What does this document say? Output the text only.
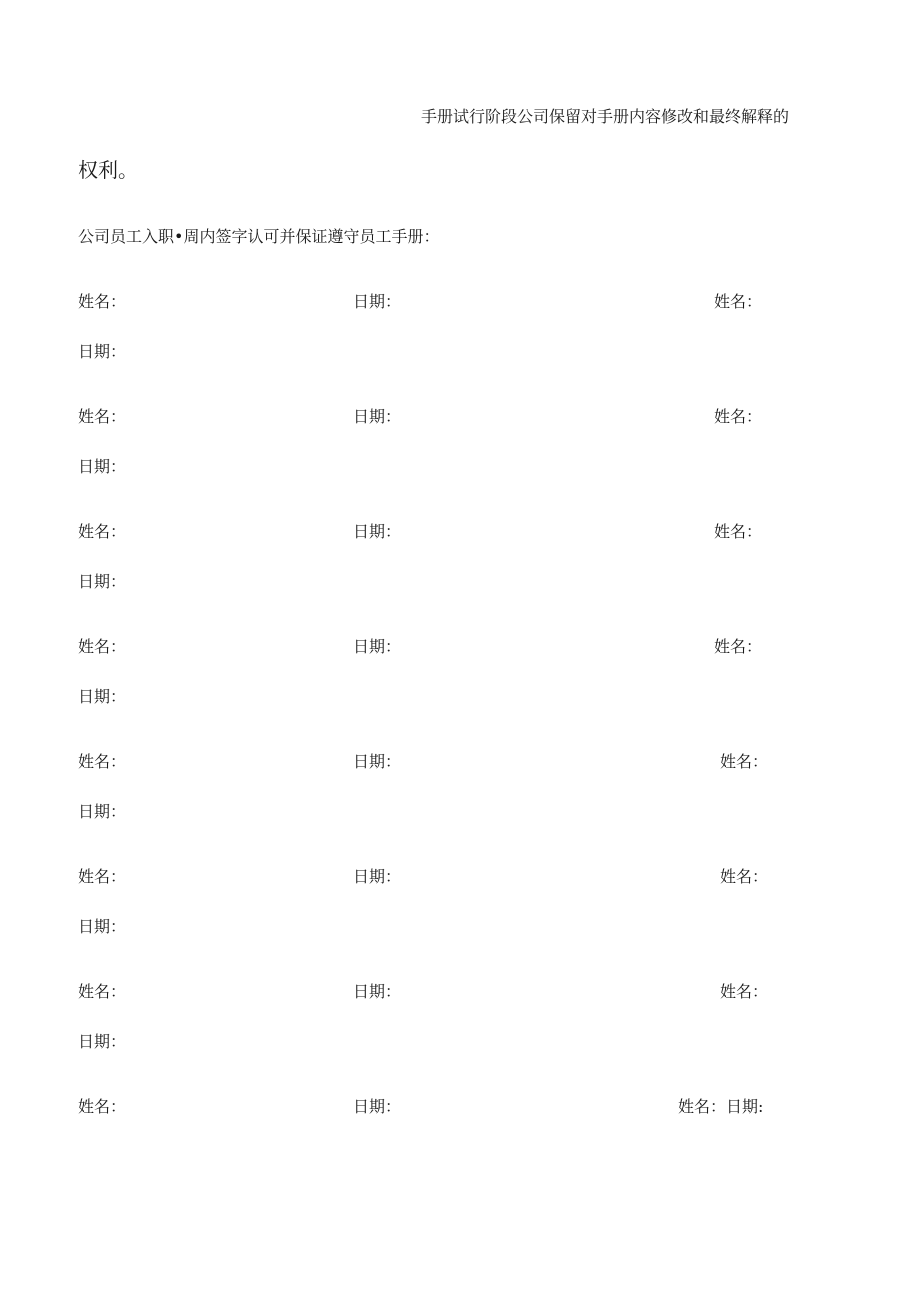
手册试行阶段公司保留对手册内容修改和最终解释的
权利。
公司员工入职•周内签字认可并保证遵守员工手册：
姓名：	日期：	姓名：
日期：
姓名：	日期：	姓名：
日期：
姓名：	日期：	姓名：
日期：
姓名：	日期：	姓名：
日期：
姓名：	日期：	姓名：
日期：
姓名：	日期：	姓名：
日期：
姓名：	日期：	姓名：
日期：
姓名：	日期：	姓名：日期:
